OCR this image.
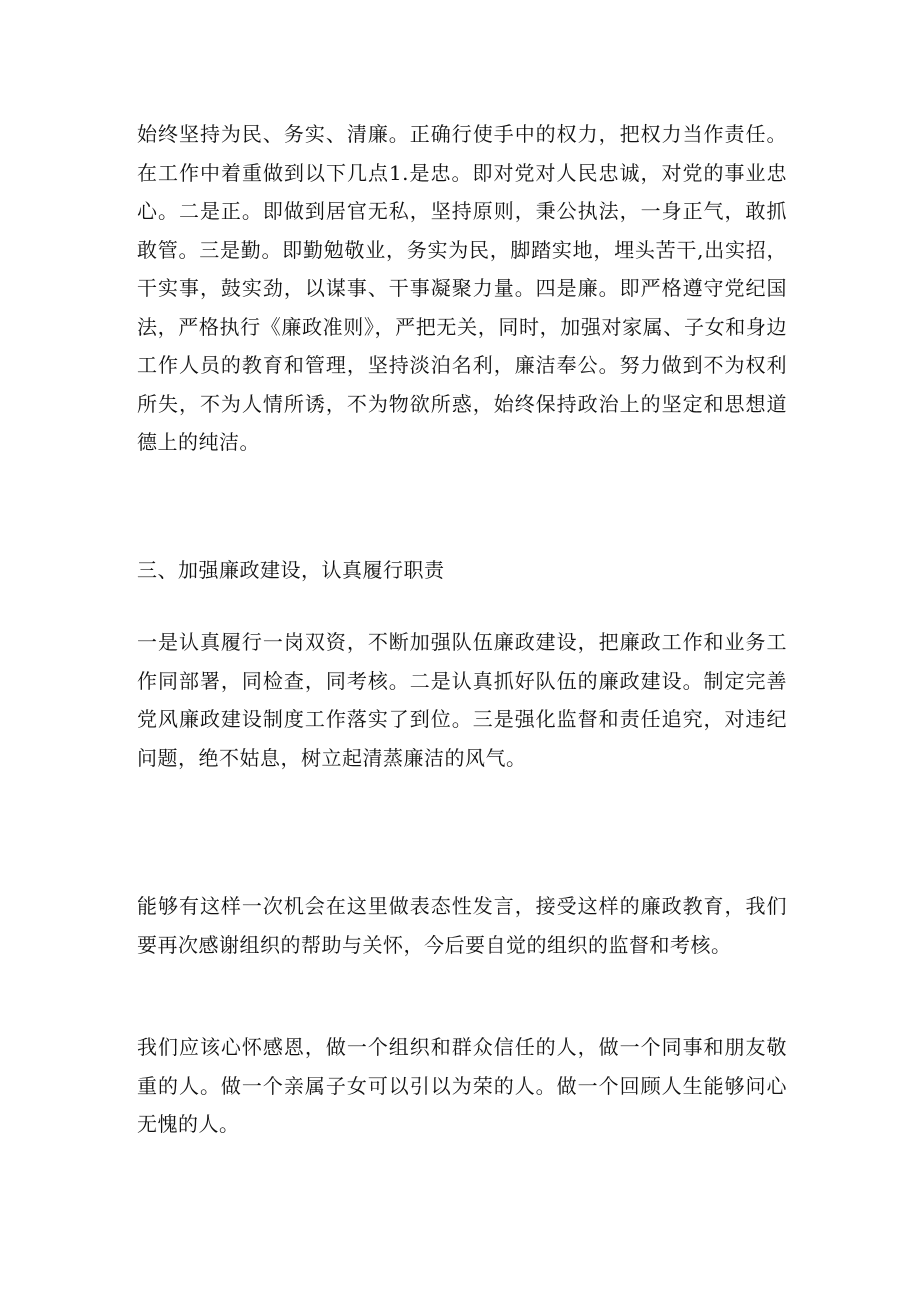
始终坚持为民、务实、清廉。正确行使手中的权力，把权力当作责任。在工作中着重做到以下几点1.是忠。即对党对人民忠诚，对党的事业忠心。二是正。即做到居官无私，坚持原则，秉公执法，一身正气，敢抓敢管。三是勤。即勤勉敬业，务实为民，脚踏实地，埋头苦干,出实招，干实事，鼓实劲，以谋事、干事凝聚力量。四是廉。即严格遵守党纪国法，严格执行《廉政准则》，严把无关，同时，加强对家属、子女和身边工作人员的教育和管理，坚持淡泊名利，廉洁奉公。努力做到不为权利所失，不为人情所诱，不为物欲所惑，始终保持政治上的坚定和思想道德上的纯洁。

三、加强廉政建设，认真履行职责

一是认真履行一岗双资，不断加强队伍廉政建设，把廉政工作和业务工作同部署，同检查，同考核。二是认真抓好队伍的廉政建设。制定完善党风廉政建设制度工作落实了到位。三是强化监督和责任追究，对违纪问题，绝不姑息，树立起清蒸廉洁的风气。

能够有这样一次机会在这里做表态性发言，接受这样的廉政教育，我们要再次感谢组织的帮助与关怀，今后要自觉的组织的监督和考核。

我们应该心怀感恩，做一个组织和群众信任的人，做一个同事和朋友敬重的人。做一个亲属子女可以引以为荣的人。做一个回顾人生能够问心无愧的人。
